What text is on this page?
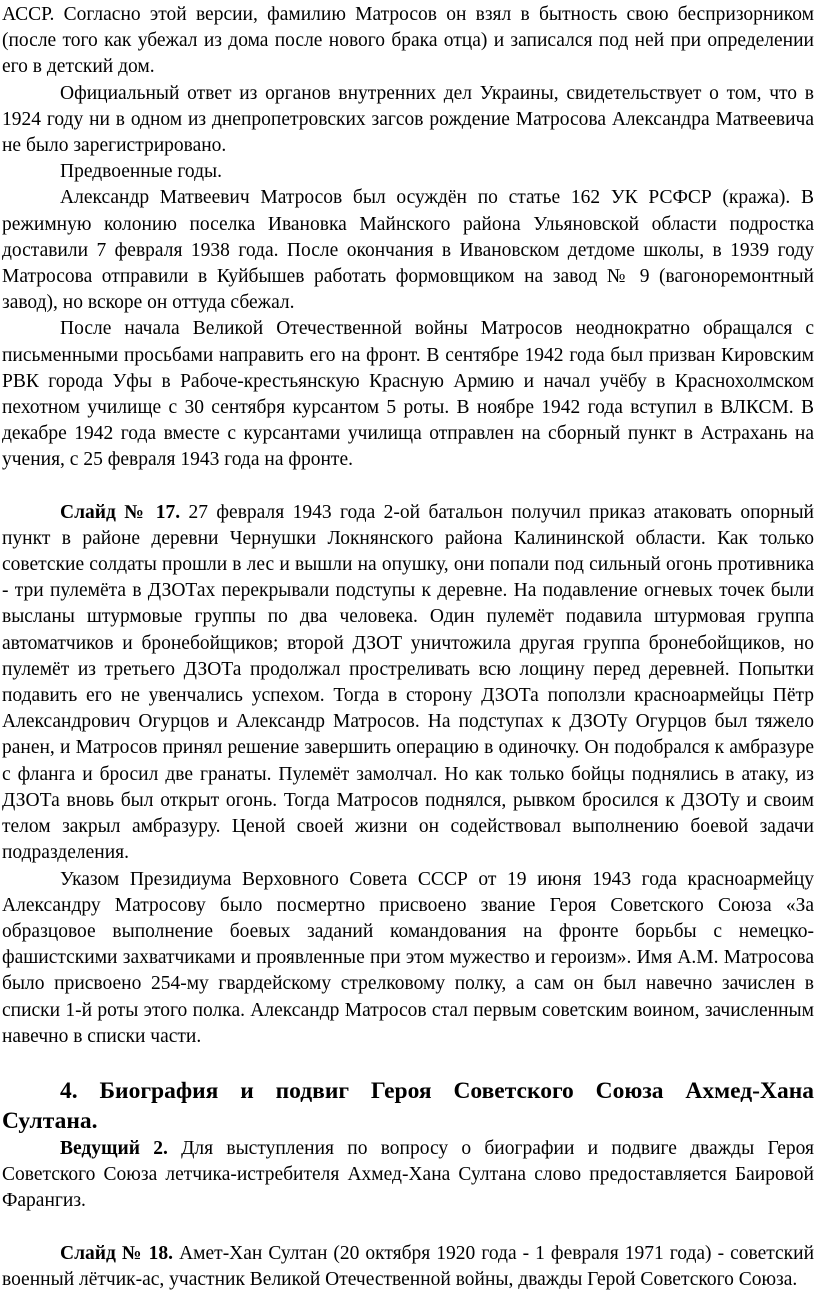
АССР. Согласно этой версии, фамилию Матросов он взял в бытность свою беспризорником (после того как убежал из дома после нового брака отца) и записался под ней при определении его в детский дом.

Официальный ответ из органов внутренних дел Украины, свидетельствует о том, что в 1924 году ни в одном из днепропетровских загсов рождение Матросова Александра Матвеевича не было зарегистрировано.

Предвоенные годы.

Александр Матвеевич Матросов был осуждён по статье 162 УК РСФСР (кража). В режимную колонию поселка Ивановка Майнского района Ульяновской области подростка доставили 7 февраля 1938 года. После окончания в Ивановском детдоме школы, в 1939 году Матросова отправили в Куйбышев работать формовщиком на завод № 9 (вагоноремонтный завод), но вскоре он оттуда сбежал.

После начала Великой Отечественной войны Матросов неоднократно обращался с письменными просьбами направить его на фронт. В сентябре 1942 года был призван Кировским РВК города Уфы в Рабоче-крестьянскую Красную Армию и начал учёбу в Краснохолмском пехотном училище с 30 сентября курсантом 5 роты. В ноябре 1942 года вступил в ВЛКСМ. В декабре 1942 года вместе с курсантами училища отправлен на сборный пункт в Астрахань на учения, с 25 февраля 1943 года на фронте.

Слайд № 17. 27 февраля 1943 года 2-ой батальон получил приказ атаковать опорный пункт в районе деревни Чернушки Локнянского района Калининской области. Как только советские солдаты прошли в лес и вышли на опушку, они попали под сильный огонь противника - три пулемёта в ДЗОТах перекрывали подступы к деревне. На подавление огневых точек были высланы штурмовые группы по два человека. Один пулемёт подавила штурмовая группа автоматчиков и бронебойщиков; второй ДЗОТ уничтожила другая группа бронебойщиков, но пулемёт из третьего ДЗОТа продолжал простреливать всю лощину перед деревней. Попытки подавить его не увенчались успехом. Тогда в сторону ДЗОТа поползли красноармейцы Пётр Александрович Огурцов и Александр Матросов. На подступах к ДЗОТу Огурцов был тяжело ранен, и Матросов принял решение завершить операцию в одиночку. Он подобрался к амбразуре с фланга и бросил две гранаты. Пулемёт замолчал. Но как только бойцы поднялись в атаку, из ДЗОТа вновь был открыт огонь. Тогда Матросов поднялся, рывком бросился к ДЗОТу и своим телом закрыл амбразуру. Ценой своей жизни он содействовал выполнению боевой задачи подразделения.

Указом Президиума Верховного Совета СССР от 19 июня 1943 года красноармейцу Александру Матросову было посмертно присвоено звание Героя Советского Союза «За образцовое выполнение боевых заданий командования на фронте борьбы с немецко-фашистскими захватчиками и проявленные при этом мужество и героизм». Имя А.М. Матросова было присвоено 254-му гвардейскому стрелковому полку, а сам он был навечно зачислен в списки 1-й роты этого полка. Александр Матросов стал первым советским воином, зачисленным навечно в списки части.

4. Биография и подвиг Героя Советского Союза Ахмед-Хана Султана.

Ведущий 2. Для выступления по вопросу о биографии и подвиге дважды Героя Советского Союза летчика-истребителя Ахмед-Хана Султана слово предоставляется Баировой Фарангиз.

Слайд № 18. Амет-Хан Султан (20 октября 1920 года - 1 февраля 1971 года) - советский военный лётчик-ас, участник Великой Отечественной войны, дважды Герой Советского Союза.
